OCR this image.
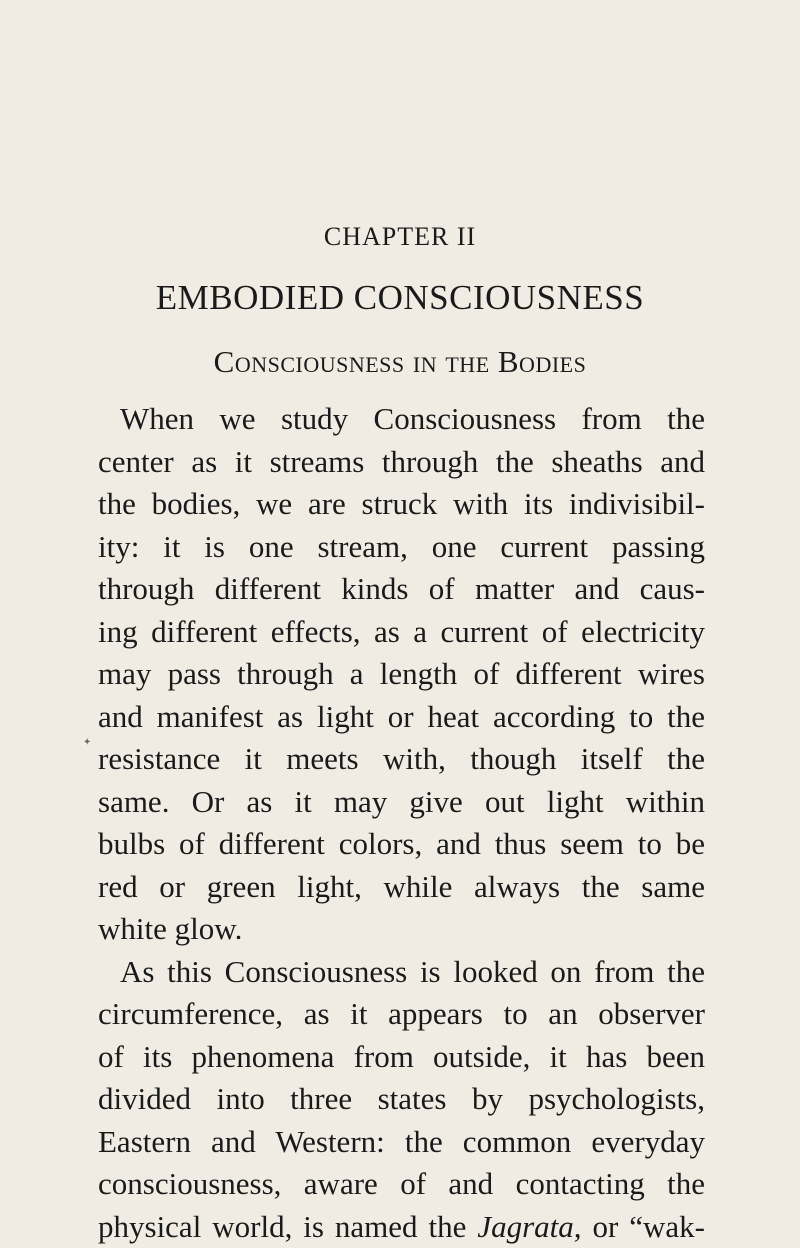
CHAPTER II
EMBODIED CONSCIOUSNESS
Consciousness in the Bodies
When we study Consciousness from the
center as it streams through the sheaths and
the bodies, we are struck with its indivisibil-
ity: it is one stream, one current passing
through different kinds of matter and caus-
ing different effects, as a current of electricity
may pass through a length of different wires
and manifest as light or heat according to the
resistance it meets with, though itself the
same. Or as it may give out light within
bulbs of different colors, and thus seem to be
red or green light, while always the same
white glow.
As this Consciousness is looked on from the
circumference, as it appears to an observer
of its phenomena from outside, it has been
divided into three states by psychologists,
Eastern and Western: the common everyday
consciousness, aware of and contacting the
physical world, is named the Jagrata, or “wak-
✦
